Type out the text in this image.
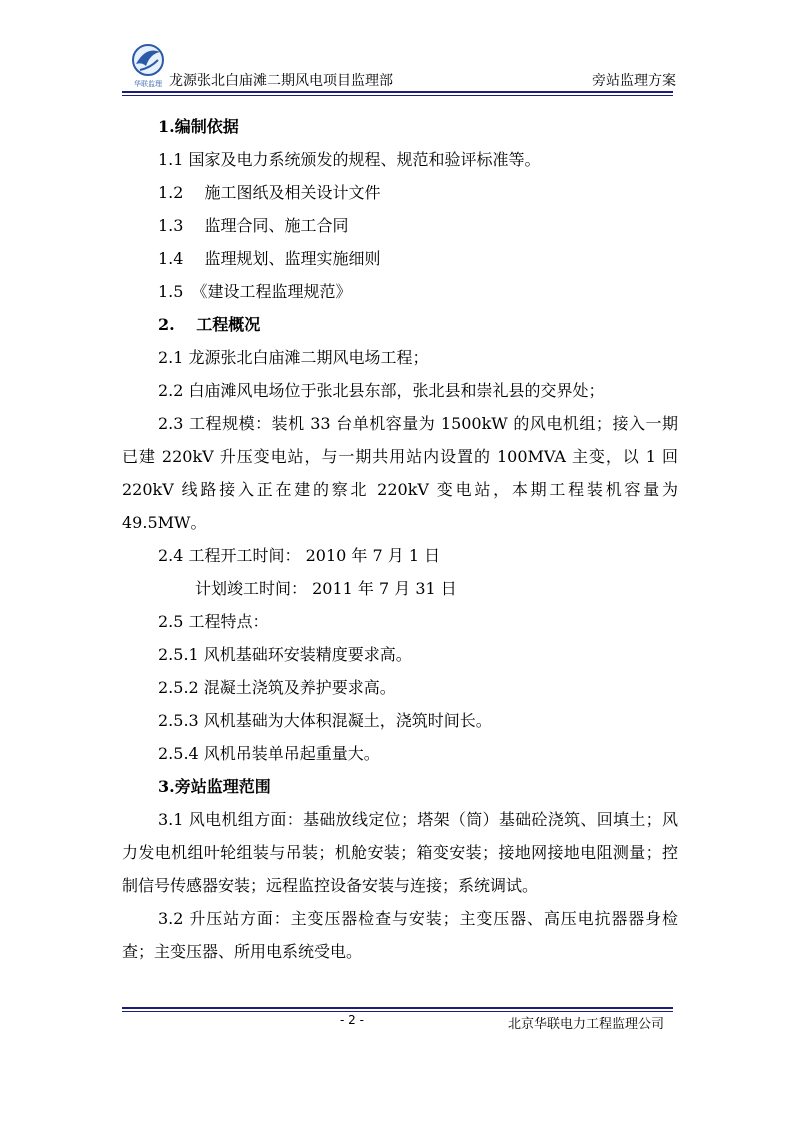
华联监理 龙源张北白庙滩二期风电项目监理部	旁站监理方案
1.编制依据
1.1 国家及电力系统颁发的规程、规范和验评标准等。
1.2　 施工图纸及相关设计文件
1.3　 监理合同、施工合同
1.4　 监理规划、监理实施细则
1.5　《建设工程监理规范》
2.　 工程概况
2.1 龙源张北白庙滩二期风电场工程；
2.2 白庙滩风电场位于张北县东部，张北县和崇礼县的交界处；
2.3 工程规模：装机 33 台单机容量为 1500kW 的风电机组；接入一期已建 220kV 升压变电站，与一期共用站内设置的 100MVA 主变，以 1 回 220kV 线路接入正在建的察北 220kV 变电站，本期工程装机容量为 49.5MW。
2.4 工程开工时间： 2010 年 7 月 1 日
计划竣工时间： 2011 年 7 月 31 日
2.5 工程特点：
2.5.1 风机基础环安装精度要求高。
2.5.2 混凝土浇筑及养护要求高。
2.5.3 风机基础为大体积混凝土，浇筑时间长。
2.5.4 风机吊装单吊起重量大。
3.旁站监理范围
3.1 风电机组方面：基础放线定位；塔架（筒）基础砼浇筑、回填土；风力发电机组叶轮组装与吊装；机舱安装；箱变安装；接地网接地电阻测量；控制信号传感器安装；远程监控设备安装与连接；系统调试。
3.2 升压站方面：主变压器检查与安装；主变压器、高压电抗器器身检查；主变压器、所用电系统受电。
- 2 -	北京华联电力工程监理公司
